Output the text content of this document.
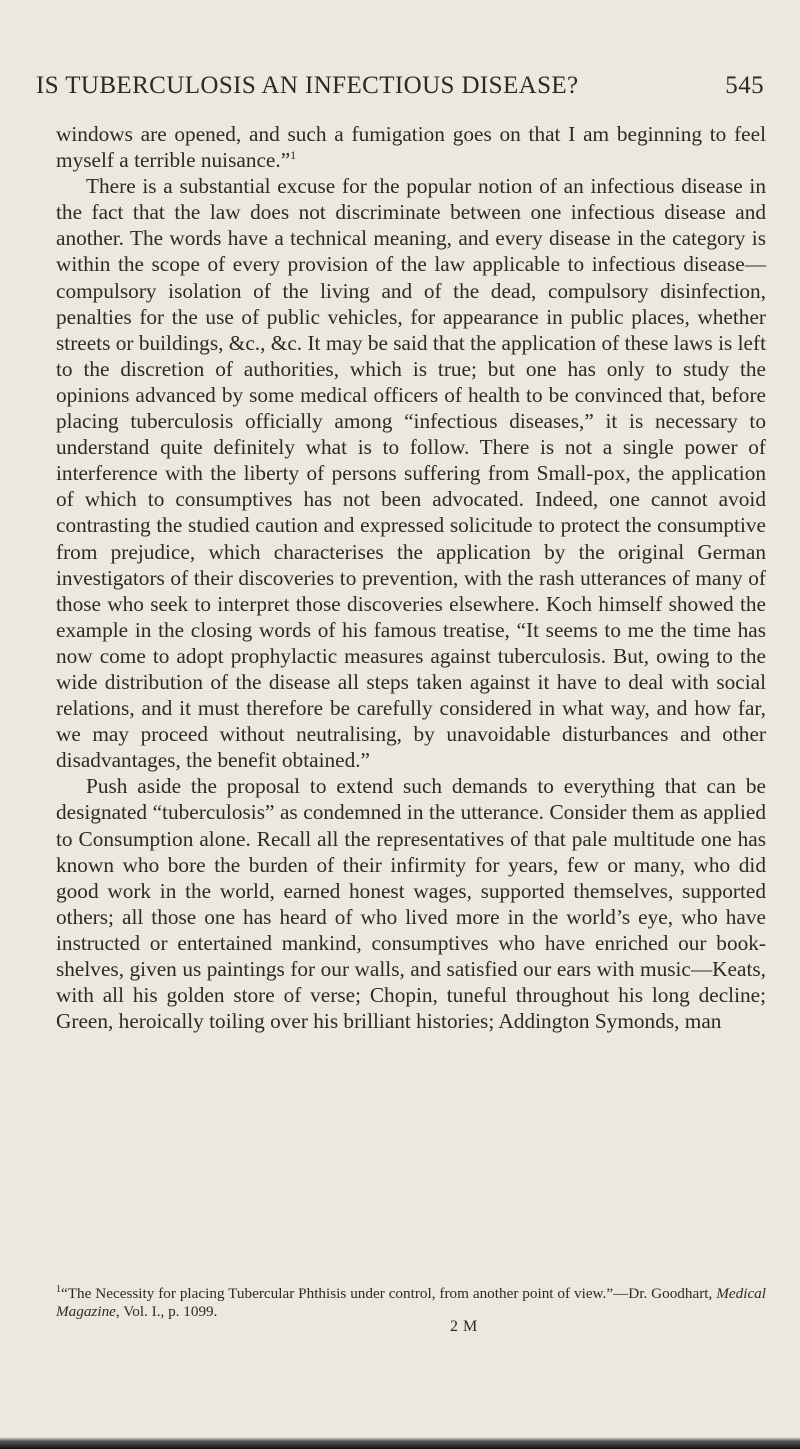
IS TUBERCULOSIS AN INFECTIOUS DISEASE?	545

windows are opened, and such a fumigation goes on that I am beginning to feel myself a terrible nuisance.”$^1$

There is a substantial excuse for the popular notion of an infectious disease in the fact that the law does not discriminate between one infectious disease and another. The words have a technical meaning, and every disease in the category is within the scope of every provision of the law applicable to infectious disease—compulsory isolation of the living and of the dead, compulsory disinfection, penalties for the use of public vehicles, for appearance in public places, whether streets or buildings, &c., &c. It may be said that the application of these laws is left to the discretion of authorities, which is true; but one has only to study the opinions advanced by some medical officers of health to be convinced that, before placing tuberculosis officially among “infectious diseases,” it is necessary to understand quite definitely what is to follow. There is not a single power of interference with the liberty of persons suffering from Small-pox, the application of which to consumptives has not been advocated. Indeed, one cannot avoid contrasting the studied caution and expressed solicitude to protect the consumptive from prejudice, which characterises the application by the original German investigators of their discoveries to prevention, with the rash utterances of many of those who seek to interpret those discoveries elsewhere. Koch himself showed the example in the closing words of his famous treatise, “It seems to me the time has now come to adopt prophylactic measures against tuberculosis. But, owing to the wide distribution of the disease all steps taken against it have to deal with social relations, and it must therefore be carefully considered in what way, and how far, we may proceed without neutralising, by unavoidable disturbances and other disadvantages, the benefit obtained.”

Push aside the proposal to extend such demands to everything that can be designated “tuberculosis” as condemned in the utterance. Consider them as applied to Consumption alone. Recall all the representatives of that pale multitude one has known who bore the burden of their infirmity for years, few or many, who did good work in the world, earned honest wages, supported themselves, supported others; all those one has heard of who lived more in the world’s eye, who have instructed or entertained mankind, consumptives who have enriched our book-shelves, given us paintings for our walls, and satisfied our ears with music—Keats, with all his golden store of verse; Chopin, tuneful throughout his long decline; Green, heroically toiling over his brilliant histories; Addington Symonds, man

$^1$“The Necessity for placing Tubercular Phthisis under control, from another point of view.”—Dr. Goodhart, Medical Magazine, Vol. I., p. 1099.
2 M
